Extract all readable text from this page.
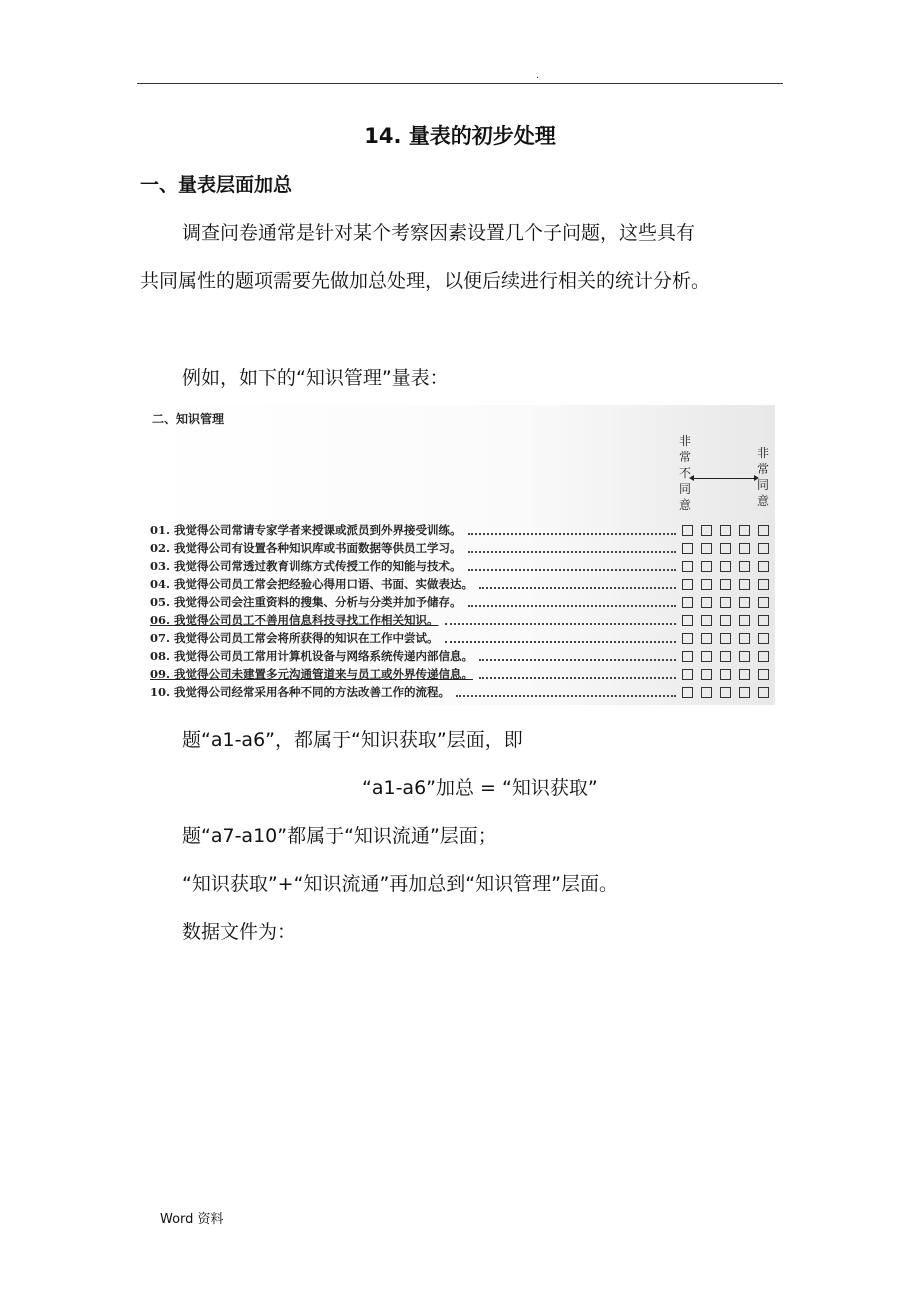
.
14. 量表的初步处理
一、量表层面加总
调查问卷通常是针对某个考察因素设置几个子问题，这些具有
共同属性的题项需要先做加总处理，以便后续进行相关的统计分析。
例如，如下的“知识管理”量表：
二、知识管理
非
常
不
同
意
非
常
同
意
01. 我觉得公司常请专家学者来授课或派员到外界接受训练。
02. 我觉得公司有设置各种知识库或书面数据等供员工学习。
03. 我觉得公司常透过教育训练方式传授工作的知能与技术。
04. 我觉得公司员工常会把经验心得用口语、书面、实做表达。
05. 我觉得公司会注重资料的搜集、分析与分类并加予储存。
06. 我觉得公司员工不善用信息科技寻找工作相关知识。
07. 我觉得公司员工常会将所获得的知识在工作中尝试。
08. 我觉得公司员工常用计算机设备与网络系统传递内部信息。
09. 我觉得公司未建置多元沟通管道来与员工或外界传递信息。
10. 我觉得公司经常采用各种不同的方法改善工作的流程。
题“a1-a6”，都属于“知识获取”层面，即
“a1-a6”加总 = “知识获取”
题“a7-a10”都属于“知识流通”层面；
“知识获取”+“知识流通”再加总到“知识管理”层面。
数据文件为：
Word 资料
